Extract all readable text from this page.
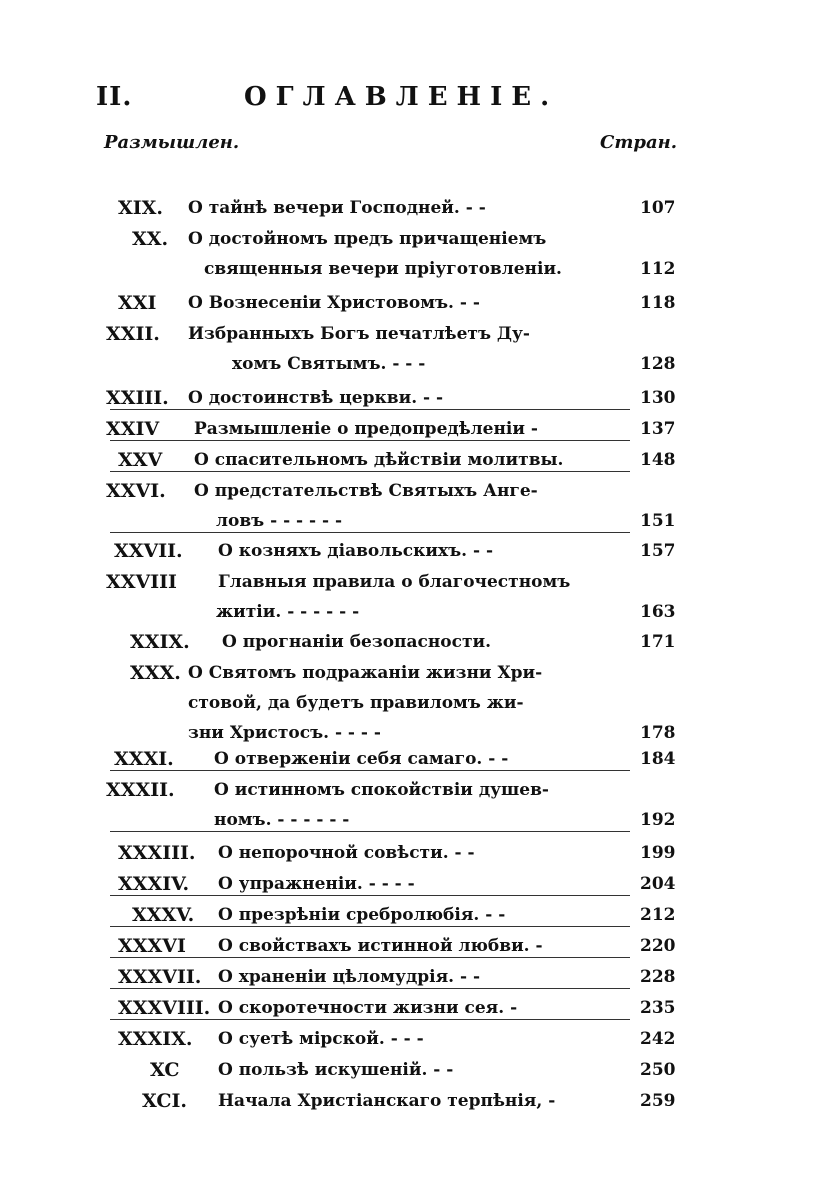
II.	ОГЛАВЛЕНІЕ.
Размышлен.	Стран.
XIX. О тайнѣ вечери Господней. - -	107
XX. О достойномъ предъ причащеніемъ
священныя вечери пріуготовленіи.	112
XXI О Вознесеніи Христовомъ. - -	118
XXII. Избранныхъ Богъ печатлѣетъ Ду-
хомъ Святымъ. - - -	128
XXIII. О достоинствѣ церкви. - -	130
XXIV Размышленіе о предопредѣленіи -	137
XXV О спасительномъ дѣйствіи молитвы.	148
XXVI. О предстательствѣ Святыхъ Анге-
ловъ - - - - - -	151
XXVII. О козняхъ діавольскихъ. - -	157
XXVIII Главныя правила о благочестномъ
житіи. - - - - - -	163
XXIX. О прогнаніи безопасности.	171
XXX. О Святомъ подражаніи жизни Хри-
стовой, да будетъ правиломъ жи-
зни Христосъ. - - - -	178
XXXI. О отверженіи себя самаго. - -	184
XXXII. О истинномъ спокойствіи душев-
номъ. - - - - - -	192
XXXIII. О непорочной совѣсти. - -	199
XXXIV. О упражненіи. - - - -	204
XXXV. О презрѣніи сребролюбія. - -	212
XXXVI О свойствахъ истинной любви. -	220
XXXVII. О храненіи цѣломудрія. - -	228
XXXVIII. О скоротечности жизни сея. -	235
XXXIX. О суетѣ мірской. - - -	242
XC О пользѣ искушеній. - -	250
XCI. Начала Христіанскаго терпѣнія, -	259
